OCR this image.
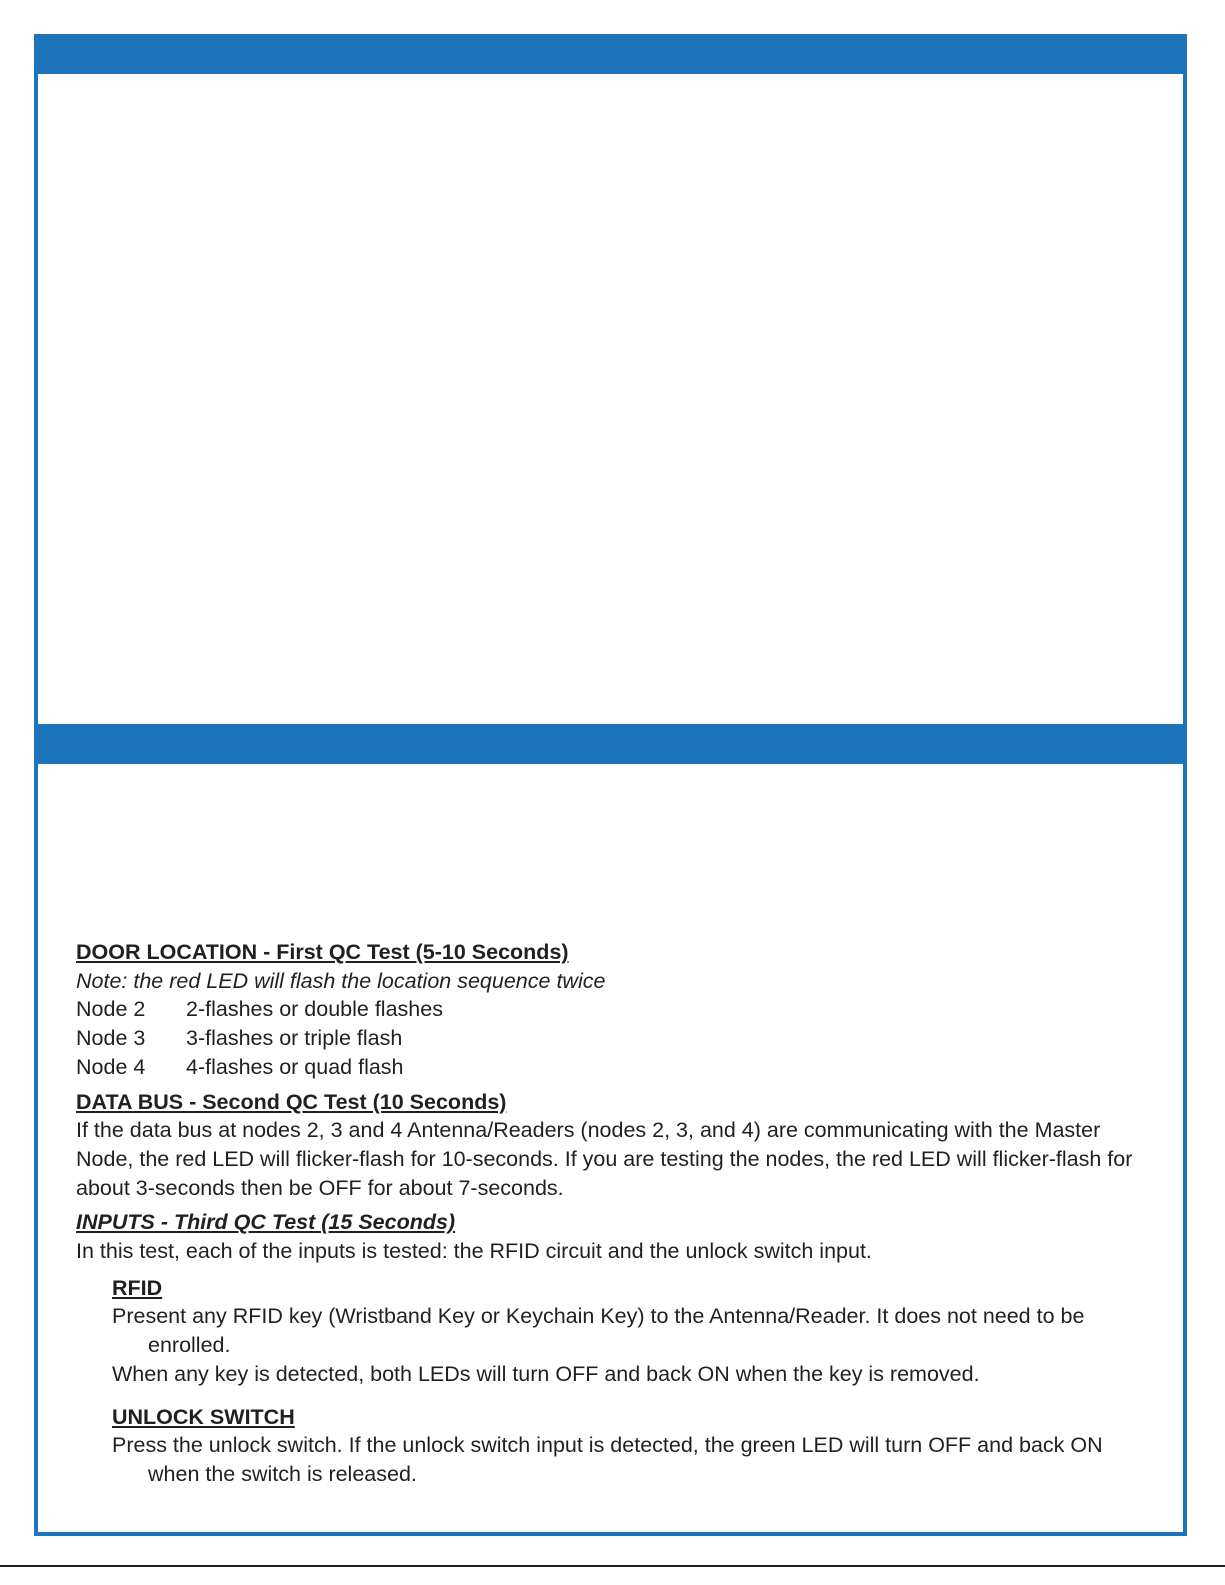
DOOR LOCATION - First QC Test (5-10 Seconds)
Note: the red LED will flash the location sequence twice
Node 2 2-flashes or double flashes
Node 3 3-flashes or triple flash
Node 4 4-flashes or quad flash
DATA BUS - Second QC Test (10 Seconds)

If the data bus at nodes 2, 3 and 4 Antenna/Readers (nodes 2, 3, and 4) are communicating with the Master Node, the red LED will flicker-flash for 10-seconds. If you are testing the nodes, the red LED will flicker-flash for about 3-seconds then be OFF for about 7-seconds.

INPUTS - Third QC Test (15 Seconds)

In this test, each of the inputs is tested: the RFID circuit and the unlock switch input.

RFID

Present any RFID key (Wristband Key or Keychain Key) to the Antenna/Reader. It does not need to be enrolled.

When any key is detected, both LEDs will turn OFF and back ON when the key is removed.

UNLOCK SWITCH

Press the unlock switch. If the unlock switch input is detected, the green LED will turn OFF and back ON when the switch is released.
